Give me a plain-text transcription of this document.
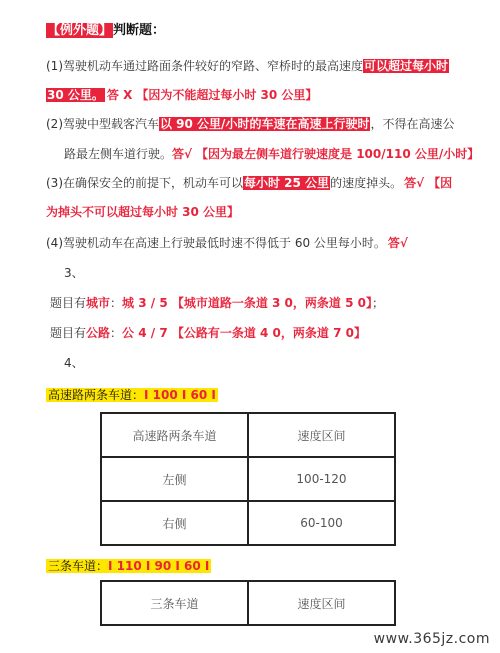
【例外题】判断题：
(1)驾驶机动车通过路面条件较好的窄路、窄桥时的最高速度可以超过每小时
30 公里。 答 X 【因为不能超过每小时 30 公里】
(2)驾驶中型载客汽车以 90 公里/小时的车速在高速上行驶时，不得在高速公
路最左侧车道行驶。答√ 【因为最左侧车道行驶速度是 100/110 公里/小时】
(3)在确保安全的前提下，机动车可以每小时 25 公里的速度掉头。 答√ 【因
为掉头不可以超过每小时 30 公里】
(4)驾驶机动车在高速上行驶最低时速不得低于 60 公里每小时。 答√
3、
题目有城市：城 3 / 5 【城市道路一条道 3 0，两条道 5 0】；
题目有公路：公 4 / 7 【公路有一条道 4 0，两条道 7 0】
4、
高速路两条车道：I 100 I 60 I
高速路两条车道	速度区间
左侧	100-120
右侧	60-100
三条车道：I 110 I 90 I 60 I
三条车道	速度区间
www.365jz.com
